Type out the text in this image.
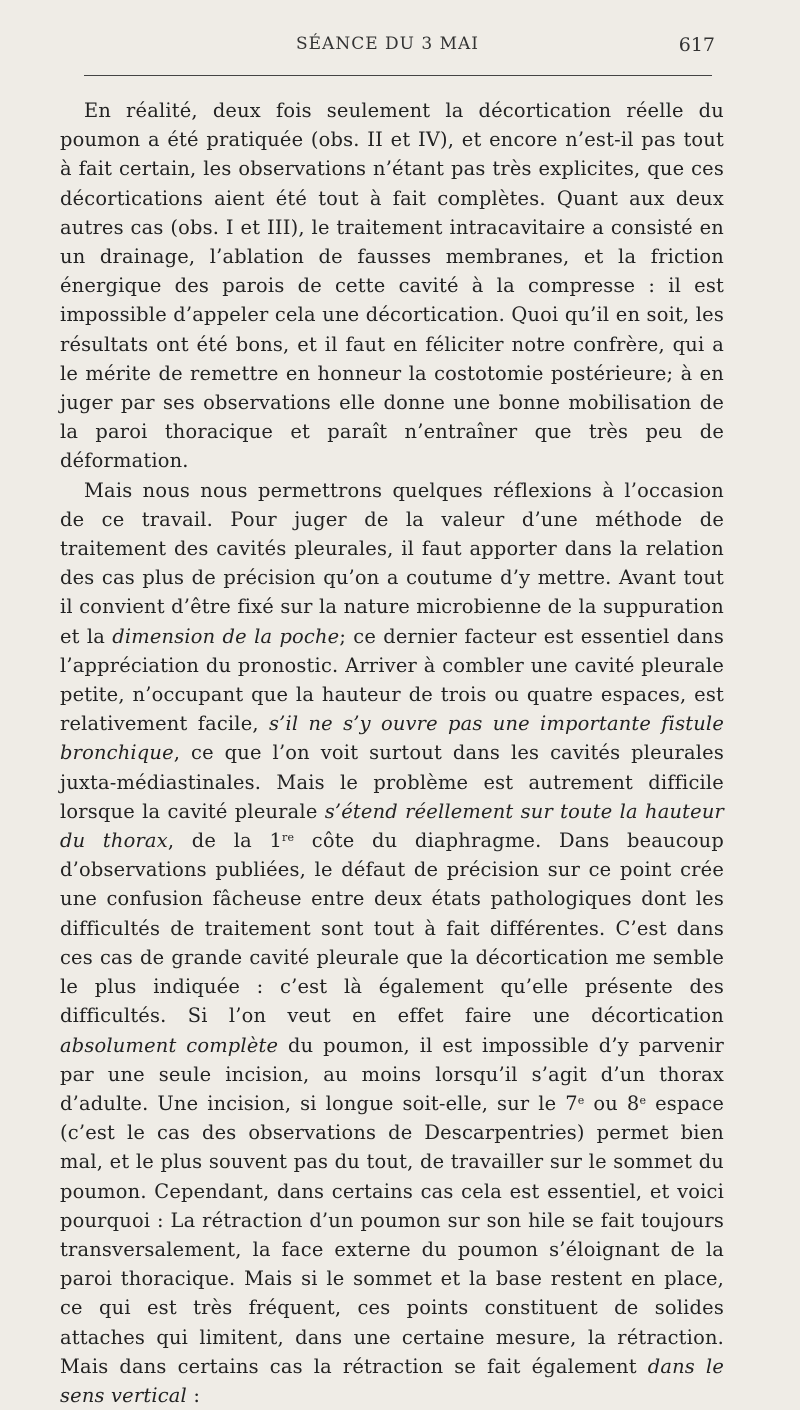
SÉANCE DU 3 MAI	617

En réalité, deux fois seulement la décortication réelle du poumon a été pratiquée (obs. II et IV), et encore n’est-il pas tout à fait certain, les observations n’étant pas très explicites, que ces décortications aient été tout à fait complètes. Quant aux deux autres cas (obs. I et III), le traitement intracavitaire a consisté en un drainage, l’ablation de fausses membranes, et la friction énergique des parois de cette cavité à la compresse : il est impossible d’appeler cela une décortication. Quoi qu’il en soit, les résultats ont été bons, et il faut en féliciter notre confrère, qui a le mérite de remettre en honneur la costotomie postérieure; à en juger par ses observations elle donne une bonne mobilisation de la paroi thoracique et paraît n’entraîner que très peu de déformation.

Mais nous nous permettrons quelques réflexions à l’occasion de ce travail. Pour juger de la valeur d’une méthode de traitement des cavités pleurales, il faut apporter dans la relation des cas plus de précision qu’on a coutume d’y mettre. Avant tout il convient d’être fixé sur la nature microbienne de la suppuration et la dimension de la poche; ce dernier facteur est essentiel dans l’appréciation du pronostic. Arriver à combler une cavité pleurale petite, n’occupant que la hauteur de trois ou quatre espaces, est relativement facile, s’il ne s’y ouvre pas une importante fistule bronchique, ce que l’on voit surtout dans les cavités pleurales juxta-médiastinales. Mais le problème est autrement difficile lorsque la cavité pleurale s’étend réellement sur toute la hauteur du thorax, de la 1re côte du diaphragme. Dans beaucoup d’observations publiées, le défaut de précision sur ce point crée une confusion fâcheuse entre deux états pathologiques dont les difficultés de traitement sont tout à fait différentes. C’est dans ces cas de grande cavité pleurale que la décortication me semble le plus indiquée : c’est là également qu’elle présente des difficultés. Si l’on veut en effet faire une décortication absolument complète du poumon, il est impossible d’y parvenir par une seule incision, au moins lorsqu’il s’agit d’un thorax d’adulte. Une incision, si longue soit-elle, sur le 7e ou 8e espace (c’est le cas des observations de Descarpentries) permet bien mal, et le plus souvent pas du tout, de travailler sur le sommet du poumon. Cependant, dans certains cas cela est essentiel, et voici pourquoi : La rétraction d’un poumon sur son hile se fait toujours transversalement, la face externe du poumon s’éloignant de la paroi thoracique. Mais si le sommet et la base restent en place, ce qui est très fréquent, ces points constituent de solides attaches qui limitent, dans une certaine mesure, la rétraction. Mais dans certains cas la rétraction se fait également dans le sens vertical :
